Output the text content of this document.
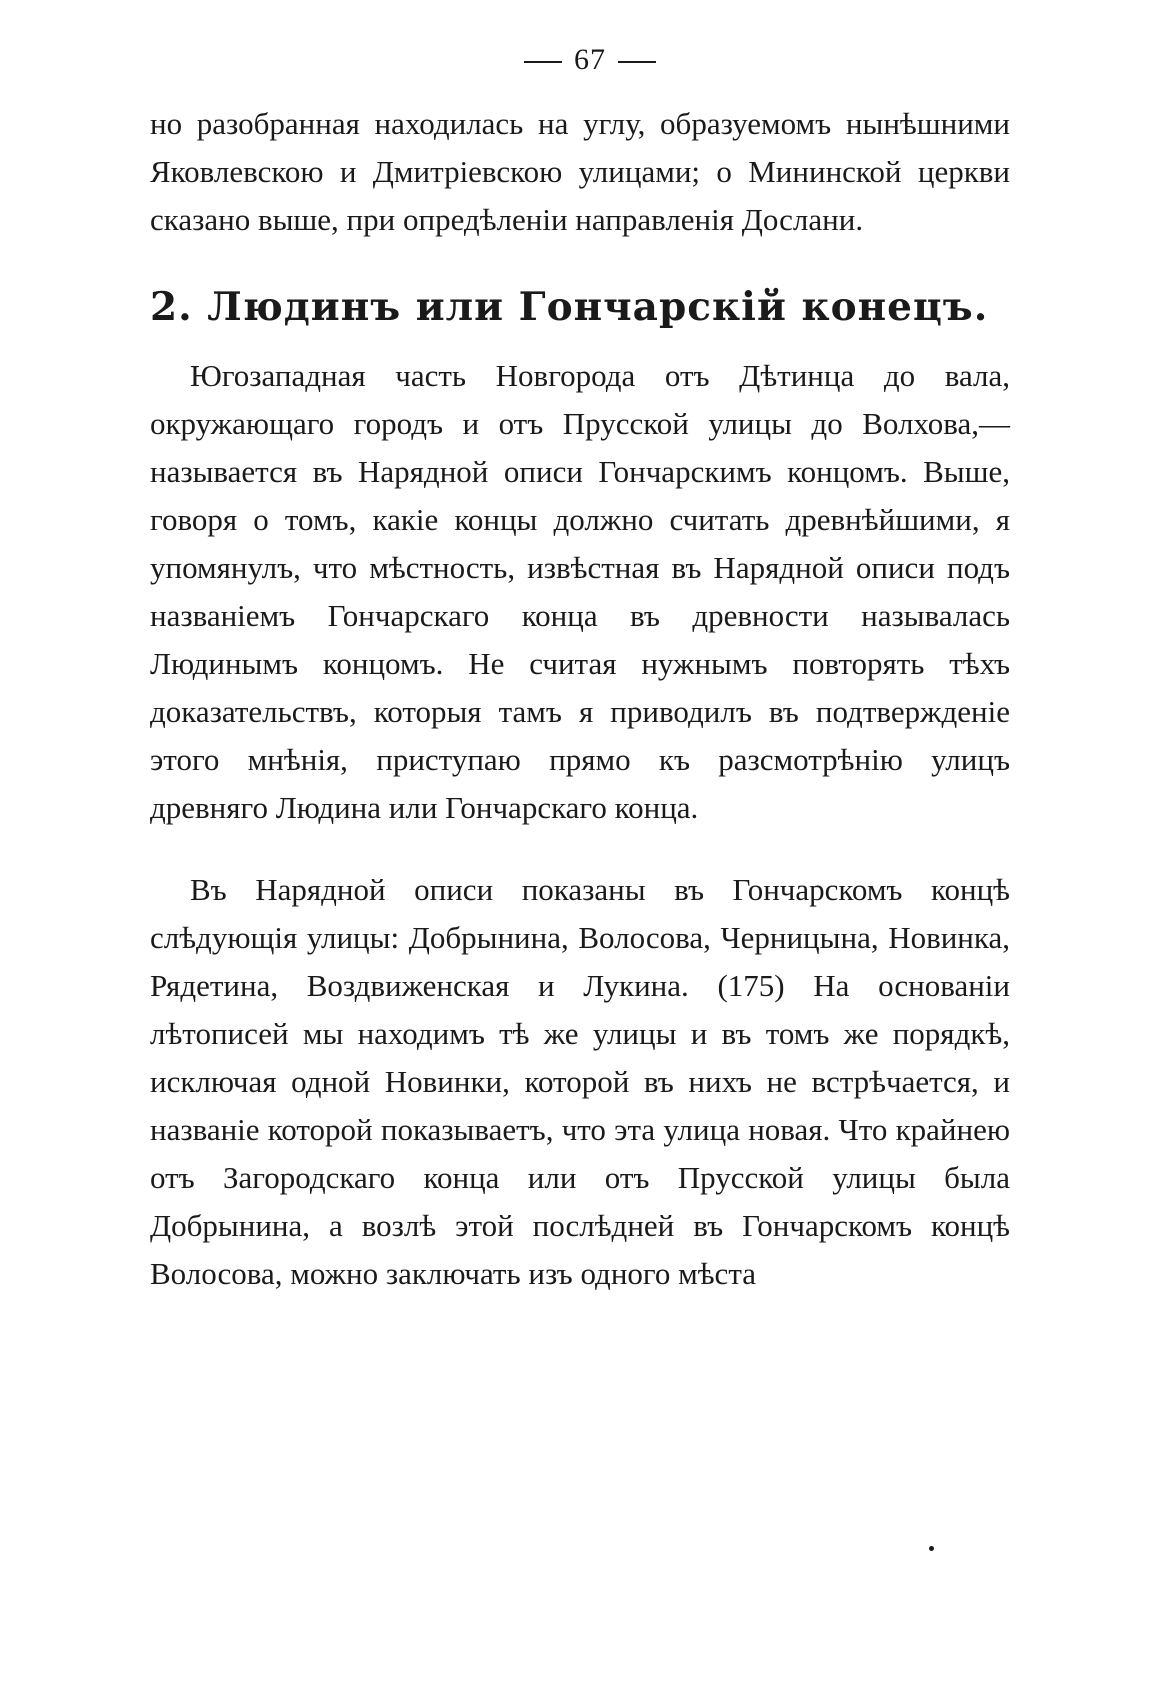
67

но разобранная находилась на углу, образуемомъ нынѣшними Яковлевскою и Дмитріевскою улицами; о Мининской церкви сказано выше, при опредѣленіи направленія Дослани.

2. Людинъ или Гончарскій конецъ.

Югозападная часть Новгорода отъ Дѣтинца до вала, окружающаго городъ и отъ Прусской улицы до Волхова,—называется въ Нарядной описи Гончарскимъ концомъ. Выше, говоря о томъ, какіе концы должно считать древнѣйшими, я упомянулъ, что мѣстность, извѣстная въ Нарядной описи подъ названіемъ Гончарскаго конца въ древности называлась Людинымъ концомъ. Не считая нужнымъ повторять тѣхъ доказательствъ, которыя тамъ я приводилъ въ подтвержденіе этого мнѣнія, приступаю прямо къ разсмотрѣнію улицъ древняго Людина или Гончарскаго конца.

Въ Нарядной описи показаны въ Гончарскомъ концѣ слѣдующія улицы: Добрынина, Волосова, Черницына, Новинка, Рядетина, Воздвиженская и Лукина. (175) На основаніи лѣтописей мы находимъ тѣ же улицы и въ томъ же порядкѣ, исключая одной Новинки, которой въ нихъ не встрѣчается, и названіе которой показываетъ, что эта улица новая. Что крайнею отъ Загородскаго конца или отъ Прусской улицы была Добрынина, а возлѣ этой послѣдней въ Гончарскомъ концѣ Волосова, можно заключать изъ одного мѣста
